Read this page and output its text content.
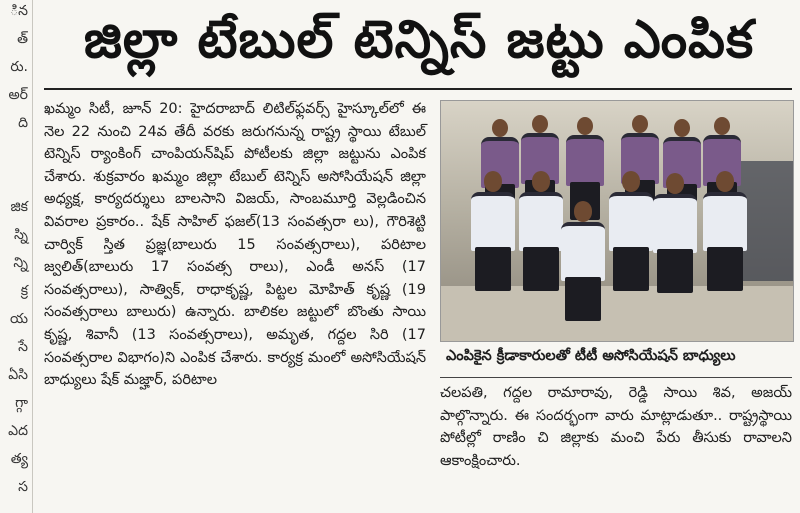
ిన
త్
రు.
అర్
ది
జిక
స్ని
న్ని
క్ర
య
సే
ఏసి
గ్గా
ఎద
త్య
స
జిల్లా టేబుల్ టెన్నిస్ జట్టు ఎంపిక

ఖమ్మం సిటీ, జూన్ 20: హైదరాబాద్ లిటిల్‌ఫ్లవర్స్ హైస్కూల్‌లో ఈ నెల 22 నుంచి 24వ తేదీ వరకు జరుగనున్న రాష్ట్ర స్థాయి టేబుల్ టెన్నిస్ ర్యాంకింగ్ చాంపియన్‌షిప్ పోటీలకు జిల్లా జట్టును ఎంపిక చేశారు. శుక్రవారం ఖమ్మం జిల్లా టేబుల్ టెన్నిస్ అసోసియేషన్ జిల్లా అధ్యక్ష, కార్యదర్శులు బాలసాని విజయ్, సాంబమూర్తి వెల్లడించిన వివరాల ప్రకారం.. షేక్ సాహిల్ ఫజల్(13 సంవత్సరా లు), గౌరిశెట్టి చార్విక్ స్తిత ప్రజ్ఞ(బాలురు 15 సంవత్సరాలు), పరిటాల జ్వలిత్(బాలురు 17 సంవత్స రాలు), ఎండీ అనస్ (17 సంవత్సరాలు), సాత్విక్, రాధాకృష్ణ, పిట్టల మోహిత్ కృష్ణ (19 సంవత్సరాలు బాలురు) ఉన్నారు. బాలికల జట్టులో బొంతు సాయి కృష్ణ, శివానీ (13 సంవత్సరాలు), అమృత, గద్దల సిరి (17 సంవత్సరాల విభాగం)ని ఎంపిక చేశారు. కార్యక్ర మంలో అసోసియేషన్ బాధ్యులు షేక్ మజ్హార్, పరిటాల

ఎంపికైన క్రీడాకారులతో టీటీ అసోసియేషన్ బాధ్యులు

చలపతి, గద్దల రామారావు, రెడ్డి సాయి శివ, అజయ్ పాల్గొన్నారు. ఈ సందర్భంగా వారు మాట్లాడుతూ.. రాష్ట్రస్థాయి పోటీల్లో రాణిం చి జిల్లాకు మంచి పేరు తీసుకు రావాలని ఆకాంక్షించారు.
